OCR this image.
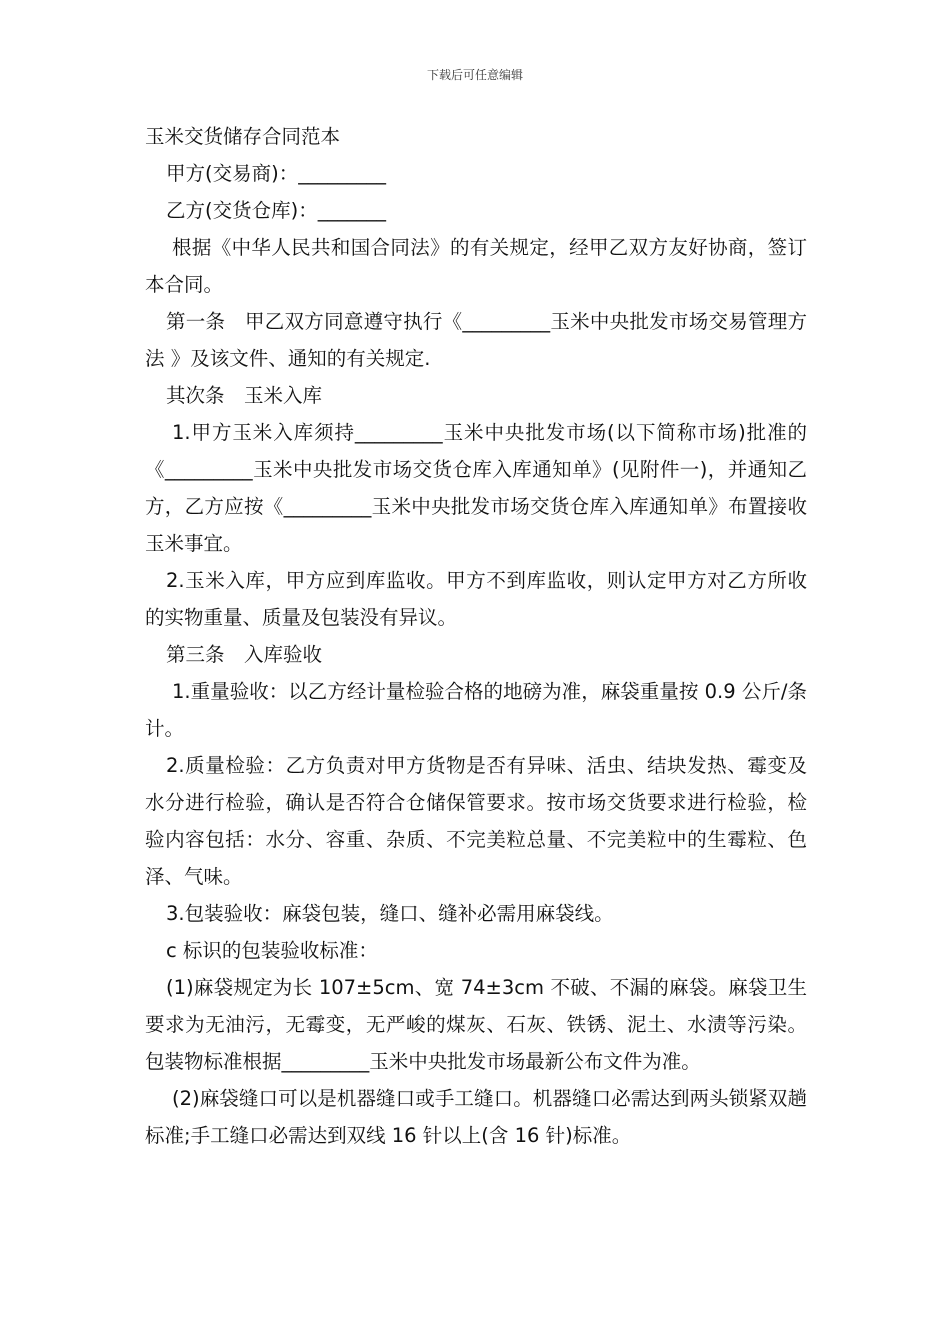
下载后可任意编辑

玉米交货储存合同范本

甲方(交易商)：_________

乙方(交货仓库)：_______

根据《中华人民共和国合同法》的有关规定，经甲乙双方友好协商，签订本合同。

第一条　甲乙双方同意遵守执行《_________玉米中央批发市场交易管理方法 》及该文件、通知的有关规定.

其次条　玉米入库

1.甲方玉米入库须持_________玉米中央批发市场(以下简称市场)批准的《_________玉米中央批发市场交货仓库入库通知单》(见附件一)，并通知乙方，乙方应按《_________玉米中央批发市场交货仓库入库通知单》布置接收玉米事宜。

2.玉米入库，甲方应到库监收。甲方不到库监收，则认定甲方对乙方所收的实物重量、质量及包装没有异议。

第三条　入库验收

1.重量验收：以乙方经计量检验合格的地磅为准，麻袋重量按 0.9 公斤/条计。

2.质量检验：乙方负责对甲方货物是否有异味、活虫、结块发热、霉变及水分进行检验，确认是否符合仓储保管要求。按市场交货要求进行检验，检验内容包括：水分、容重、杂质、不完美粒总量、不完美粒中的生霉粒、色泽、气味。

3.包装验收：麻袋包装，缝口、缝补必需用麻袋线。

c 标识的包装验收标准：

(1)麻袋规定为长 107±5cm、宽 74±3cm 不破、不漏的麻袋。麻袋卫生要求为无油污，无霉变，无严峻的煤灰、石灰、铁锈、泥土、水渍等污染。包装物标准根据_________玉米中央批发市场最新公布文件为准。

(2)麻袋缝口可以是机器缝口或手工缝口。机器缝口必需达到两头锁紧双趟标准;手工缝口必需达到双线 16 针以上(含 16 针)标准。
